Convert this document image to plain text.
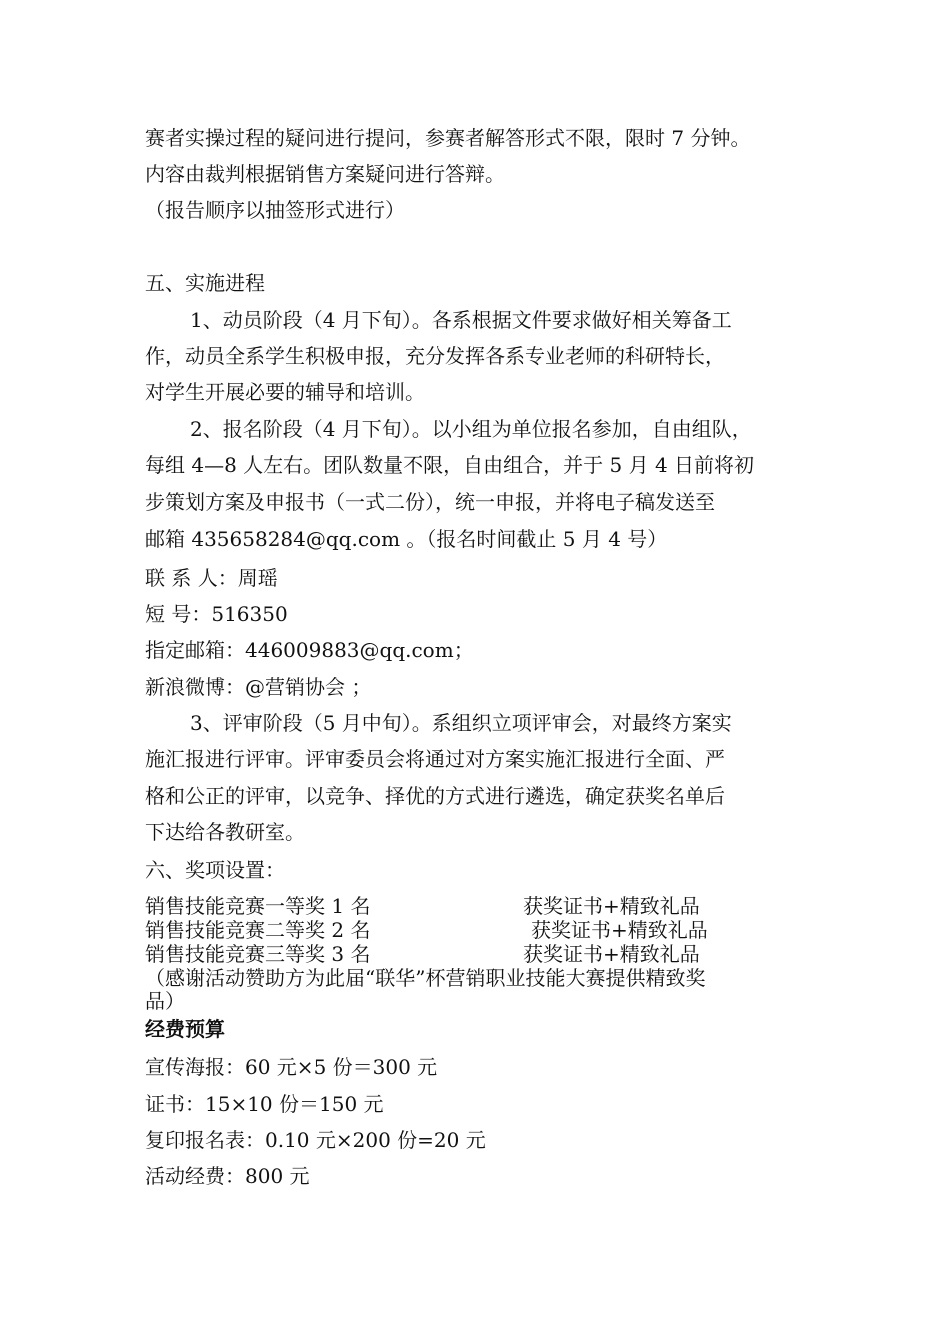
赛者实操过程的疑问进行提问，参赛者解答形式不限，限时 7 分钟。
内容由裁判根据销售方案疑问进行答辩。
（报告顺序以抽签形式进行）
五、实施进程
1、动员阶段（4 月下旬）。各系根据文件要求做好相关筹备工
作，动员全系学生积极申报，充分发挥各系专业老师的科研特长，
对学生开展必要的辅导和培训。
2、报名阶段（4 月下旬）。以小组为单位报名参加，自由组队，
每组 4—8 人左右。团队数量不限，自由组合，并于 5 月 4 日前将初
步策划方案及申报书（一式二份），统一申报，并将电子稿发送至
邮箱 435658284@qq.com 。（报名时间截止 5 月 4 号）
联 系 人：周瑶
短 号：516350
指定邮箱：446009883@qq.com；
新浪微博：@营销协会 ；
3、评审阶段（5 月中旬）。系组织立项评审会，对最终方案实
施汇报进行评审。评审委员会将通过对方案实施汇报进行全面、严
格和公正的评审，以竞争、择优的方式进行遴选，确定获奖名单后
下达给各教研室。
六、奖项设置：
销售技能竞赛一等奖 1 名	获奖证书+精致礼品
销售技能竞赛二等奖 2 名	获奖证书+精致礼品
销售技能竞赛三等奖 3 名	获奖证书+精致礼品
（感谢活动赞助方为此届“联华”杯营销职业技能大赛提供精致奖
品）
经费预算
宣传海报：60 元×5 份＝300 元
证书：15×10 份＝150 元
复印报名表：0.10 元×200 份=20 元
活动经费：800 元
